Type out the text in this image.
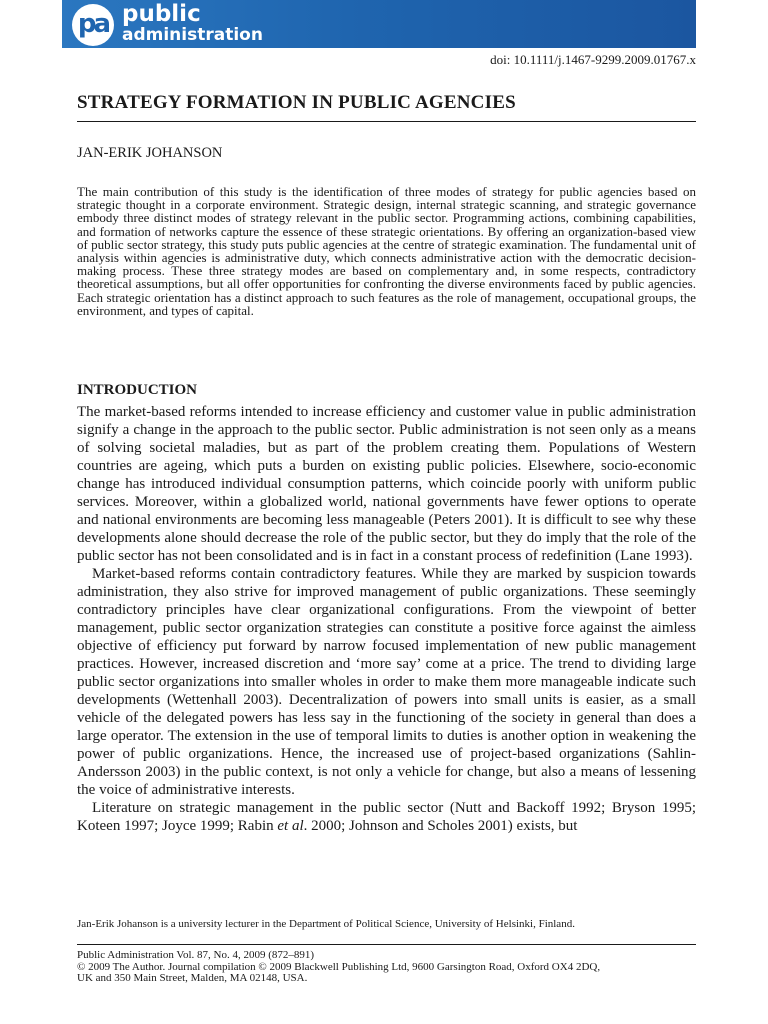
pa public
administration
doi: 10.1111/j.1467-9299.2009.01767.x
STRATEGY FORMATION IN PUBLIC AGENCIES
JAN-ERIK JOHANSON

The main contribution of this study is the identification of three modes of strategy for public agencies based on strategic thought in a corporate environment. Strategic design, internal strategic scanning, and strategic governance embody three distinct modes of strategy relevant in the public sector. Programming actions, combining capabilities, and formation of networks capture the essence of these strategic orientations. By offering an organization-based view of public sector strategy, this study puts public agencies at the centre of strategic examination. The fundamental unit of analysis within agencies is administrative duty, which connects administrative action with the democratic decision-making process. These three strategy modes are based on complementary and, in some respects, contradictory theoretical assumptions, but all offer opportunities for confronting the diverse environments faced by public agencies. Each strategic orientation has a distinct approach to such features as the role of management, occupational groups, the environment, and types of capital.

INTRODUCTION

The market-based reforms intended to increase efficiency and customer value in public administration signify a change in the approach to the public sector. Public administration is not seen only as a means of solving societal maladies, but as part of the problem creating them. Populations of Western countries are ageing, which puts a burden on existing public policies. Elsewhere, socio-economic change has introduced individual consumption patterns, which coincide poorly with uniform public services. Moreover, within a globalized world, national governments have fewer options to operate and national environments are becoming less manageable (Peters 2001). It is difficult to see why these developments alone should decrease the role of the public sector, but they do imply that the role of the public sector has not been consolidated and is in fact in a constant process of redefinition (Lane 1993).

Market-based reforms contain contradictory features. While they are marked by suspicion towards administration, they also strive for improved management of public organizations. These seemingly contradictory principles have clear organizational configurations. From the viewpoint of better management, public sector organization strategies can constitute a positive force against the aimless objective of efficiency put forward by narrow focused implementation of new public management practices. However, increased discretion and ‘more say’ come at a price. The trend to dividing large public sector organizations into smaller wholes in order to make them more manageable indicate such developments (Wettenhall 2003). Decentralization of powers into small units is easier, as a small vehicle of the delegated powers has less say in the functioning of the society in general than does a large operator. The extension in the use of temporal limits to duties is another option in weakening the power of public organizations. Hence, the increased use of project-based organizations (Sahlin-Andersson 2003) in the public context, is not only a vehicle for change, but also a means of lessening the voice of administrative interests.

Literature on strategic management in the public sector (Nutt and Backoff 1992; Bryson 1995; Koteen 1997; Joyce 1999; Rabin et al. 2000; Johnson and Scholes 2001) exists, but

Jan-Erik Johanson is a university lecturer in the Department of Political Science, University of Helsinki, Finland.
Public Administration Vol. 87, No. 4, 2009 (872–891)
© 2009 The Author. Journal compilation © 2009 Blackwell Publishing Ltd, 9600 Garsington Road, Oxford OX4 2DQ,
UK and 350 Main Street, Malden, MA 02148, USA.
